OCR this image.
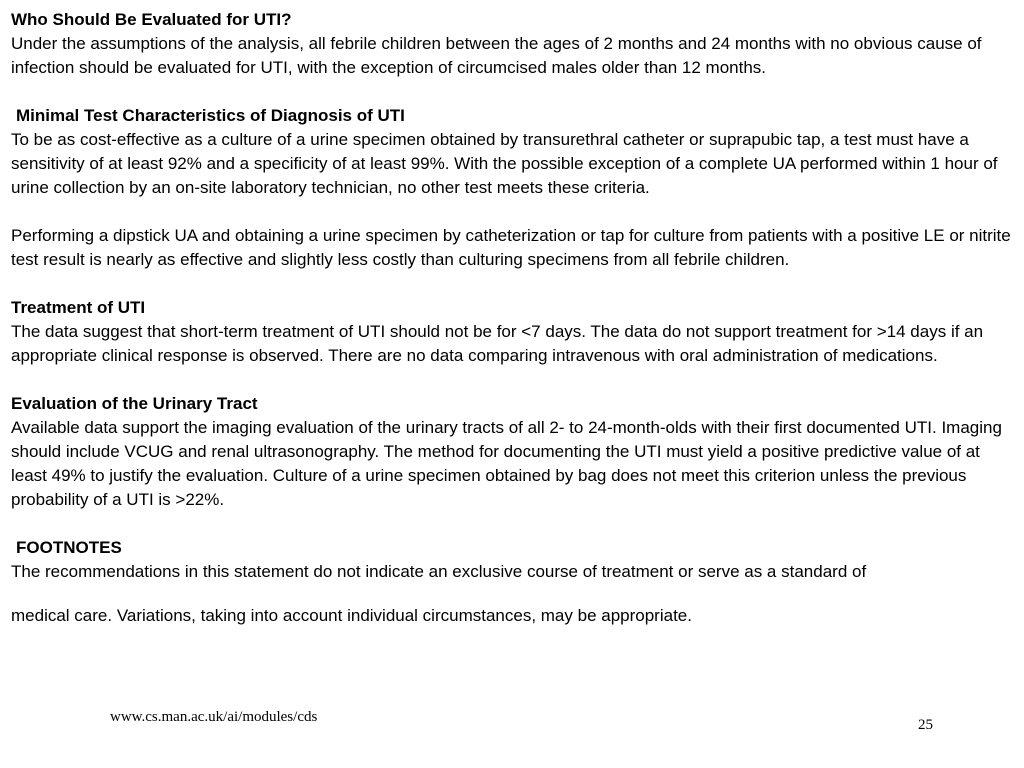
Who Should Be Evaluated for UTI?

Under the assumptions of the analysis, all febrile children between the ages of 2 months and 24 months with no obvious cause of infection should be evaluated for UTI, with the exception of circumcised males older than 12 months.

Minimal Test Characteristics of Diagnosis of UTI

To be as cost-effective as a culture of a urine specimen obtained by transurethral catheter or suprapubic tap, a test must have a sensitivity of at least 92% and a specificity of at least 99%. With the possible exception of a complete UA performed within 1 hour of urine collection by an on-site laboratory technician, no other test meets these criteria.

Performing a dipstick UA and obtaining a urine specimen by catheterization or tap for culture from patients with a positive LE or nitrite test result is nearly as effective and slightly less costly than culturing specimens from all febrile children.

Treatment of UTI

The data suggest that short-term treatment of UTI should not be for <7 days. The data do not support treatment for >14 days if an appropriate clinical response is observed. There are no data comparing intravenous with oral administration of medications.

Evaluation of the Urinary Tract

Available data support the imaging evaluation of the urinary tracts of all 2- to 24-month-olds with their first documented UTI. Imaging should include VCUG and renal ultrasonography. The method for documenting the UTI must yield a positive predictive value of at least 49% to justify the evaluation. Culture of a urine specimen obtained by bag does not meet this criterion unless the previous probability of a UTI is >22%.

FOOTNOTES

The recommendations in this statement do not indicate an exclusive course of treatment or serve as a standard of

medical care. Variations, taking into account individual circumstances, may be appropriate.

www.cs.man.ac.uk/ai/modules/cds	25
